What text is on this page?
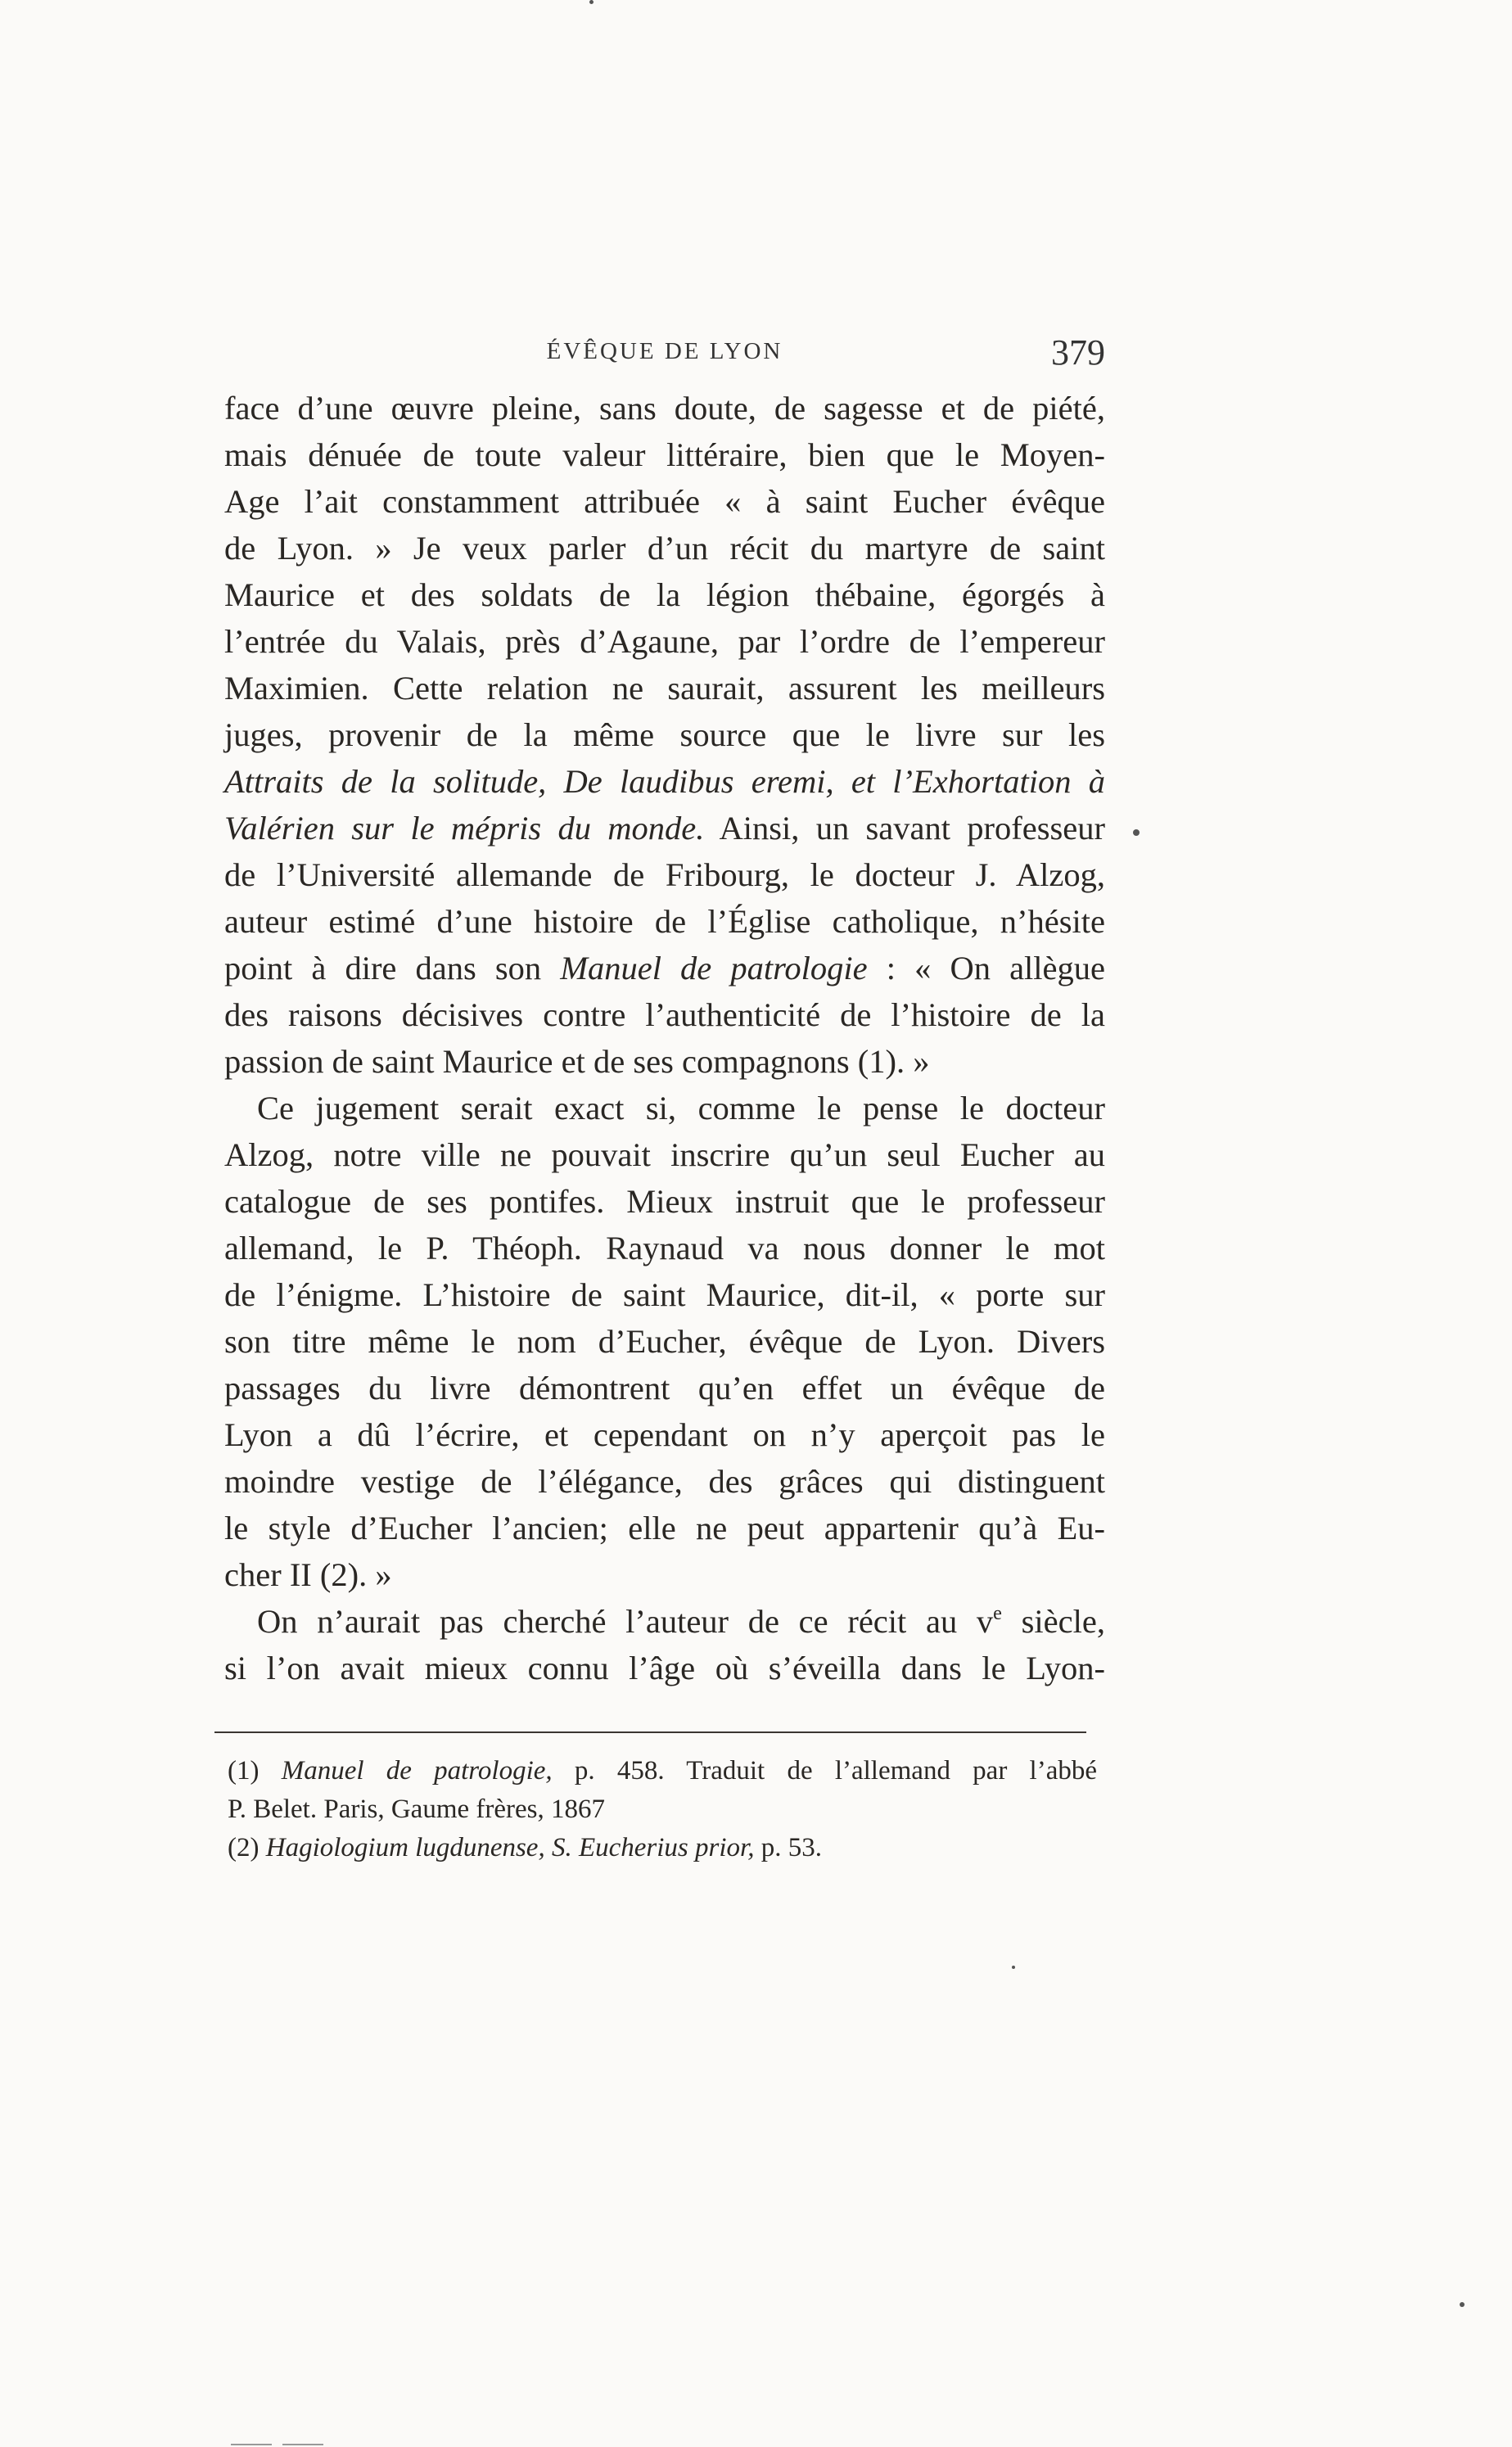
ÉVÊQUE DE LYON	379
face d’une œuvre pleine, sans doute, de sagesse et de piété,
mais dénuée de toute valeur littéraire, bien que le Moyen-
Age l’ait constamment attribuée « à saint Eucher évêque
de Lyon. » Je veux parler d’un récit du martyre de saint
Maurice et des soldats de la légion thébaine, égorgés à
l’entrée du Valais, près d’Agaune, par l’ordre de l’empereur
Maximien. Cette relation ne saurait, assurent les meilleurs
juges, provenir de la même source que le livre sur les
Attraits de la solitude, De laudibus eremi, et l’Exhortation à
Valérien sur le mépris du monde. Ainsi, un savant professeur
de l’Université allemande de Fribourg, le docteur J. Alzog,
auteur estimé d’une histoire de l’Église catholique, n’hésite
point à dire dans son Manuel de patrologie : « On allègue
des raisons décisives contre l’authenticité de l’histoire de la
passion de saint Maurice et de ses compagnons (1). »
Ce jugement serait exact si, comme le pense le docteur
Alzog, notre ville ne pouvait inscrire qu’un seul Eucher au
catalogue de ses pontifes. Mieux instruit que le professeur
allemand, le P. Théoph. Raynaud va nous donner le mot
de l’énigme. L’histoire de saint Maurice, dit-il, « porte sur
son titre même le nom d’Eucher, évêque de Lyon. Divers
passages du livre démontrent qu’en effet un évêque de
Lyon a dû l’écrire, et cependant on n’y aperçoit pas le
moindre vestige de l’élégance, des grâces qui distinguent
le style d’Eucher l’ancien; elle ne peut appartenir qu’à Eu-
cher II (2). »
On n’aurait pas cherché l’auteur de ce récit au $v^e$ siècle,
si l’on avait mieux connu l’âge où s’éveilla dans le Lyon-
(1) Manuel de patrologie, p. 458. Traduit de l’allemand par l’abbé
P. Belet. Paris, Gaume frères, 1867
(2) Hagiologium lugdunense, S. Eucherius prior, p. 53.
